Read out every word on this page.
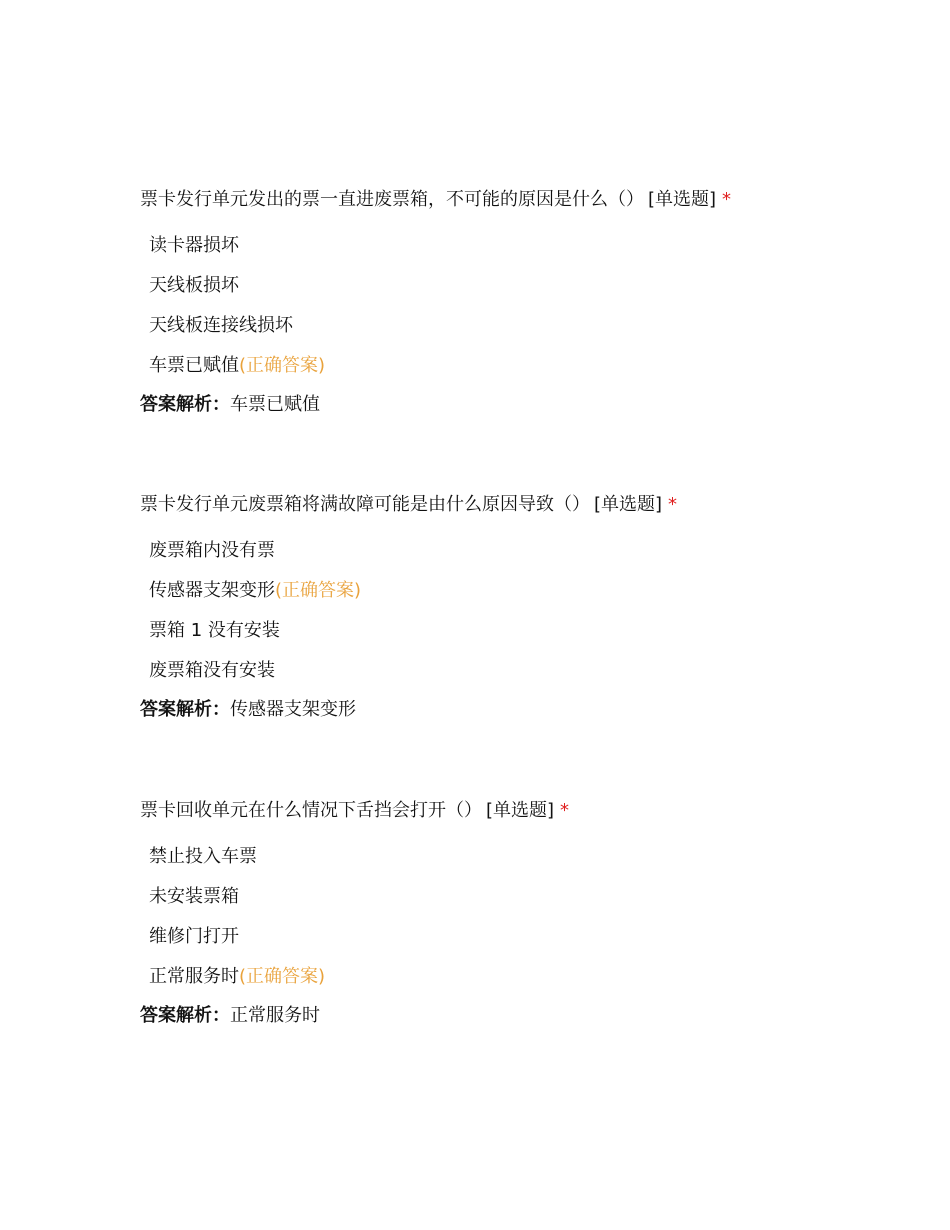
票卡发行单元发出的票一直进废票箱，不可能的原因是什么（） [单选题] *
读卡器损坏
天线板损坏
天线板连接线损坏
车票已赋值(正确答案)
答案解析：车票已赋值
票卡发行单元废票箱将满故障可能是由什么原因导致（） [单选题] *
废票箱内没有票
传感器支架变形(正确答案)
票箱 1 没有安装
废票箱没有安装
答案解析：传感器支架变形
票卡回收单元在什么情况下舌挡会打开（） [单选题] *
禁止投入车票
未安装票箱
维修门打开
正常服务时(正确答案)
答案解析：正常服务时
